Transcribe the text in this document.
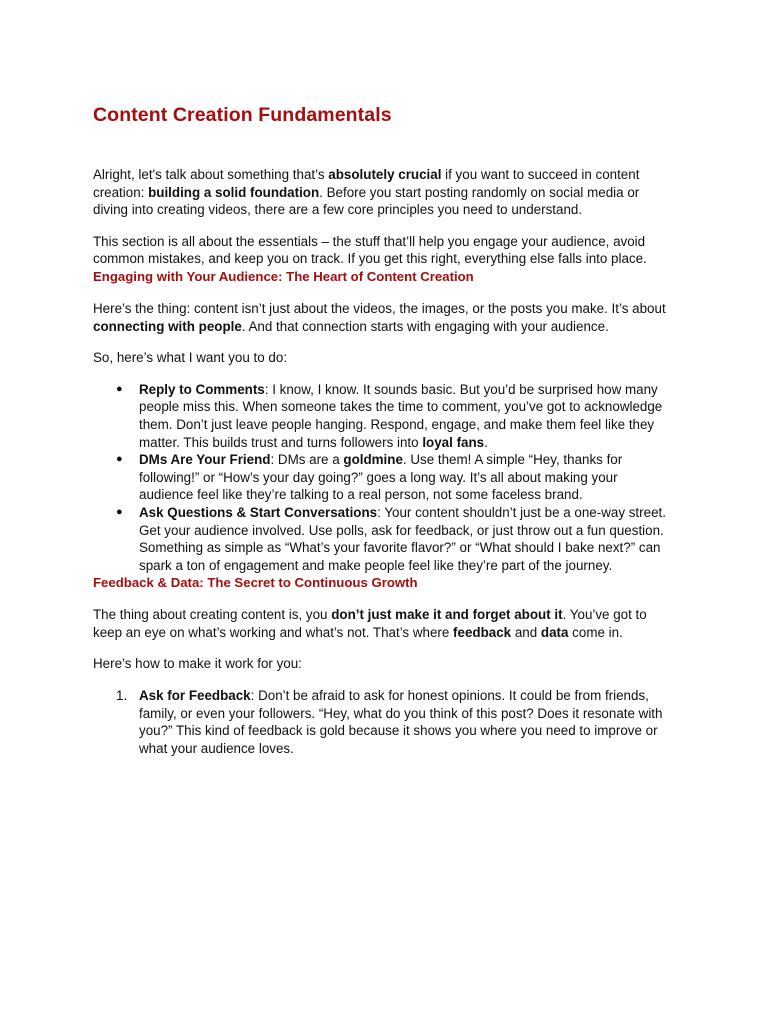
Content Creation Fundamentals

Alright, let's talk about something that’s absolutely crucial if you want to succeed in content creation: building a solid foundation. Before you start posting randomly on social media or diving into creating videos, there are a few core principles you need to understand.

This section is all about the essentials – the stuff that’ll help you engage your audience, avoid common mistakes, and keep you on track. If you get this right, everything else falls into place.

Engaging with Your Audience: The Heart of Content Creation

Here’s the thing: content isn’t just about the videos, the images, or the posts you make. It’s about connecting with people. And that connection starts with engaging with your audience.

So, here’s what I want you to do:

● Reply to Comments: I know, I know. It sounds basic. But you’d be surprised how many people miss this. When someone takes the time to comment, you’ve got to acknowledge them. Don’t just leave people hanging. Respond, engage, and make them feel like they matter. This builds trust and turns followers into loyal fans.
● DMs Are Your Friend: DMs are a goldmine. Use them! A simple “Hey, thanks for following!” or “How’s your day going?” goes a long way. It’s all about making your audience feel like they’re talking to a real person, not some faceless brand.
● Ask Questions & Start Conversations: Your content shouldn’t just be a one-way street. Get your audience involved. Use polls, ask for feedback, or just throw out a fun question. Something as simple as “What’s your favorite flavor?” or “What should I bake next?” can spark a ton of engagement and make people feel like they’re part of the journey.
Feedback & Data: The Secret to Continuous Growth

The thing about creating content is, you don’t just make it and forget about it. You’ve got to keep an eye on what’s working and what’s not. That’s where feedback and data come in.

Here’s how to make it work for you:

1. Ask for Feedback: Don’t be afraid to ask for honest opinions. It could be from friends, family, or even your followers. “Hey, what do you think of this post? Does it resonate with you?” This kind of feedback is gold because it shows you where you need to improve or what your audience loves.
